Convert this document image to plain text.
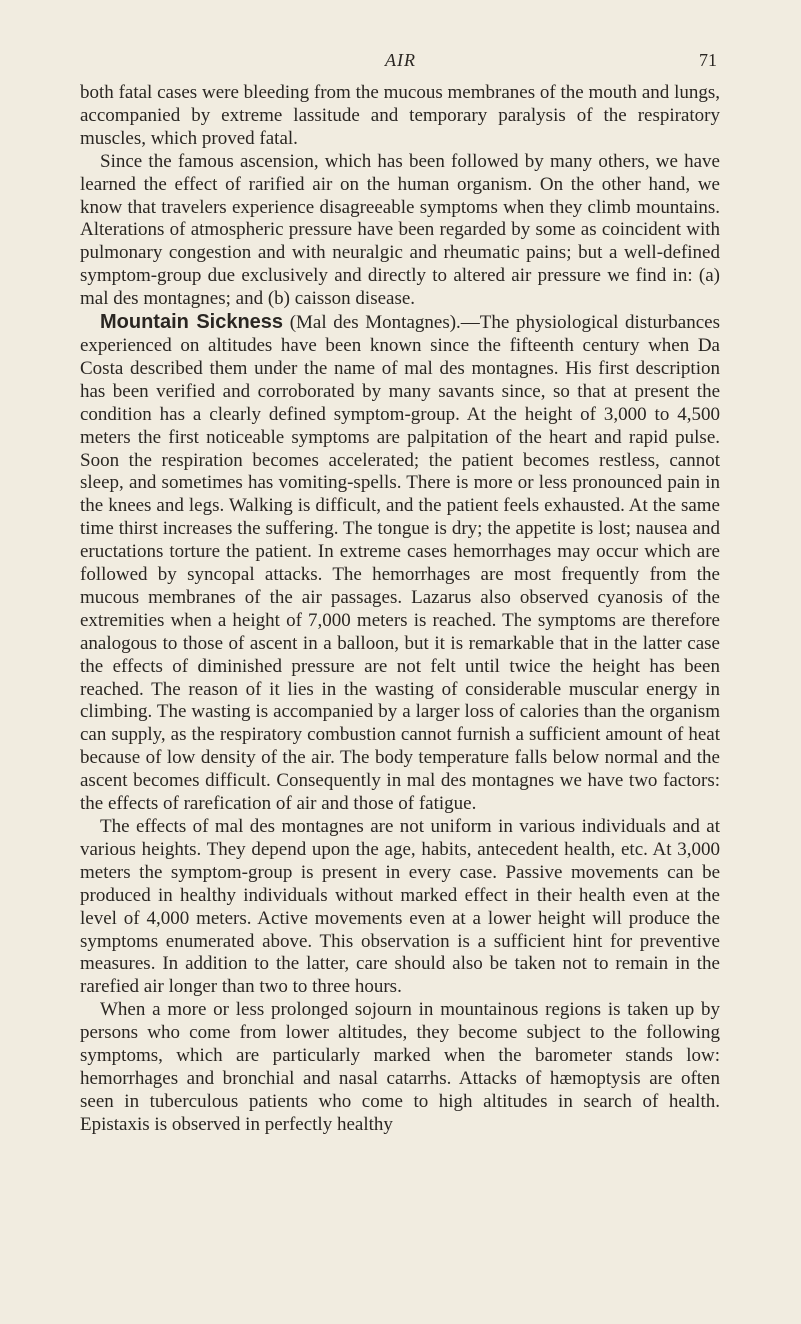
AIR	71

both fatal cases were bleeding from the mucous membranes of the mouth and lungs, accompanied by extreme lassitude and temporary paralysis of the respiratory muscles, which proved fatal.

Since the famous ascension, which has been followed by many others, we have learned the effect of rarified air on the human organism. On the other hand, we know that travelers experience disagreeable symptoms when they climb mountains. Alterations of atmospheric pressure have been regarded by some as coincident with pulmonary congestion and with neuralgic and rheumatic pains; but a well-defined symptom-group due exclusively and directly to altered air pressure we find in: (a) mal des montagnes; and (b) caisson disease.

Mountain Sickness (Mal des Montagnes).—The physiological disturbances experienced on altitudes have been known since the fifteenth century when Da Costa described them under the name of mal des montagnes. His first description has been verified and corroborated by many savants since, so that at present the condition has a clearly defined symptom-group. At the height of 3,000 to 4,500 meters the first noticeable symptoms are palpitation of the heart and rapid pulse. Soon the respiration becomes accelerated; the patient becomes restless, cannot sleep, and sometimes has vomiting-spells. There is more or less pronounced pain in the knees and legs. Walking is difficult, and the patient feels exhausted. At the same time thirst increases the suffering. The tongue is dry; the appetite is lost; nausea and eructations torture the patient. In extreme cases hemorrhages may occur which are followed by syncopal attacks. The hemorrhages are most frequently from the mucous membranes of the air passages. Lazarus also observed cyanosis of the extremities when a height of 7,000 meters is reached. The symptoms are therefore analogous to those of ascent in a balloon, but it is remarkable that in the latter case the effects of diminished pressure are not felt until twice the height has been reached. The reason of it lies in the wasting of considerable muscular energy in climbing. The wasting is accompanied by a larger loss of calories than the organism can supply, as the respiratory combustion cannot furnish a sufficient amount of heat because of low density of the air. The body temperature falls below normal and the ascent becomes difficult. Consequently in mal des montagnes we have two factors: the effects of rarefication of air and those of fatigue.

The effects of mal des montagnes are not uniform in various individuals and at various heights. They depend upon the age, habits, antecedent health, etc. At 3,000 meters the symptom-group is present in every case. Passive movements can be produced in healthy individuals without marked effect in their health even at the level of 4,000 meters. Active movements even at a lower height will produce the symptoms enumerated above. This observation is a sufficient hint for preventive measures. In addition to the latter, care should also be taken not to remain in the rarefied air longer than two to three hours.

When a more or less prolonged sojourn in mountainous regions is taken up by persons who come from lower altitudes, they become subject to the following symptoms, which are particularly marked when the barometer stands low: hemorrhages and bronchial and nasal catarrhs. Attacks of hæmoptysis are often seen in tuberculous patients who come to high altitudes in search of health. Epistaxis is observed in perfectly healthy
